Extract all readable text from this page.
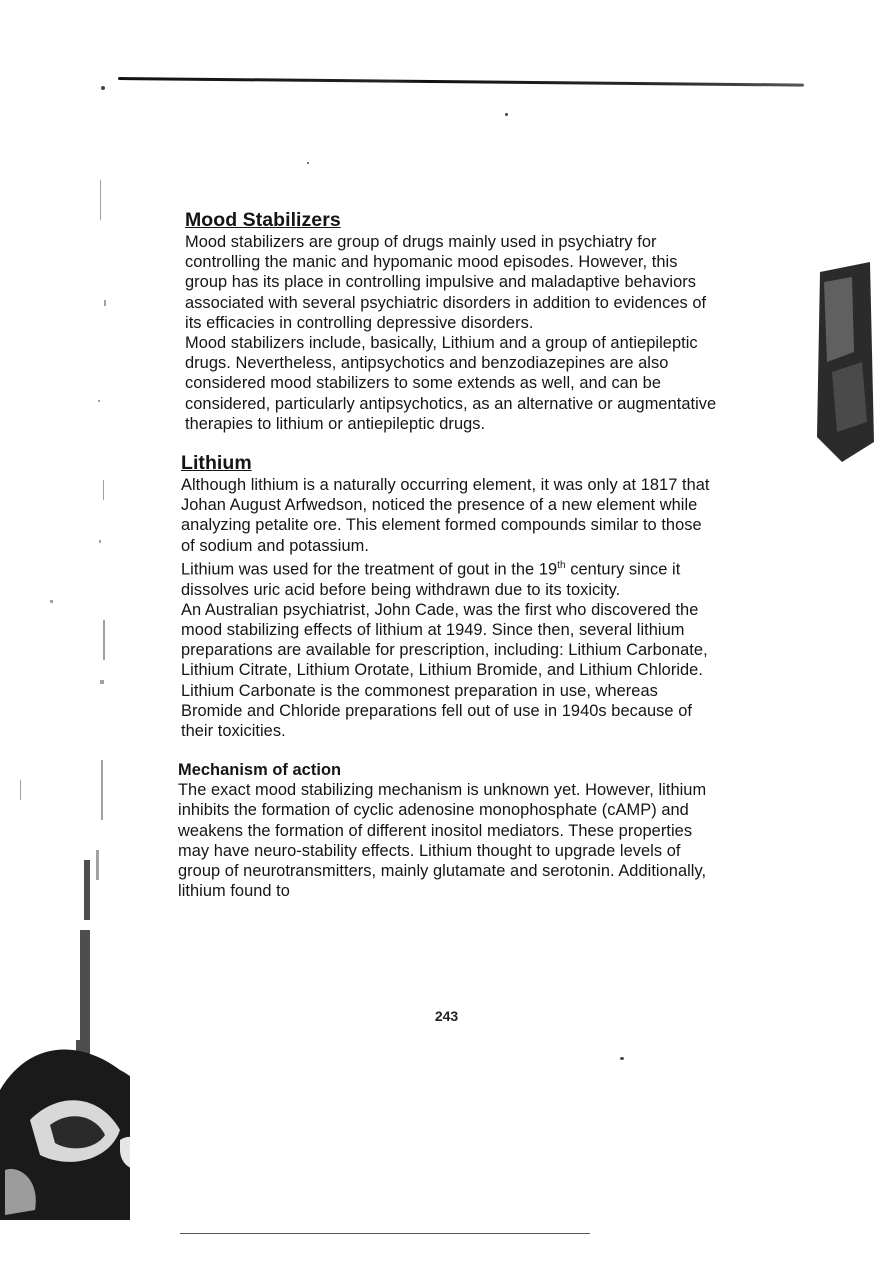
Mood Stabilizers

Mood stabilizers are group of drugs mainly used in psychiatry for controlling the manic and hypomanic mood episodes. However, this group has its place in controlling impulsive and maladaptive behaviors associated with several psychiatric disorders in addition to evidences of its efficacies in controlling depressive disorders.

Mood stabilizers include, basically, Lithium and a group of antiepileptic drugs. Nevertheless, antipsychotics and benzodiazepines are also considered mood stabilizers to some extends as well, and can be considered, particularly antipsychotics, as an alternative or augmentative therapies to lithium or antiepileptic drugs.

Lithium

Although lithium is a naturally occurring element, it was only at 1817 that Johan August Arfwedson, noticed the presence of a new element while analyzing petalite ore. This element formed compounds similar to those of sodium and potassium.

Lithium was used for the treatment of gout in the 19th century since it dissolves uric acid before being withdrawn due to its toxicity.

An Australian psychiatrist, John Cade, was the first who discovered the mood stabilizing effects of lithium at 1949. Since then, several lithium preparations are available for prescription, including: Lithium Carbonate, Lithium Citrate, Lithium Orotate, Lithium Bromide, and Lithium Chloride.

Lithium Carbonate is the commonest preparation in use, whereas Bromide and Chloride preparations fell out of use in 1940s because of their toxicities.

Mechanism of action

The exact mood stabilizing mechanism is unknown yet. However, lithium inhibits the formation of cyclic adenosine monophosphate (cAMP) and weakens the formation of different inositol mediators. These properties may have neuro-stability effects. Lithium thought to upgrade levels of group of neurotransmitters, mainly glutamate and serotonin. Additionally, lithium found to

243
